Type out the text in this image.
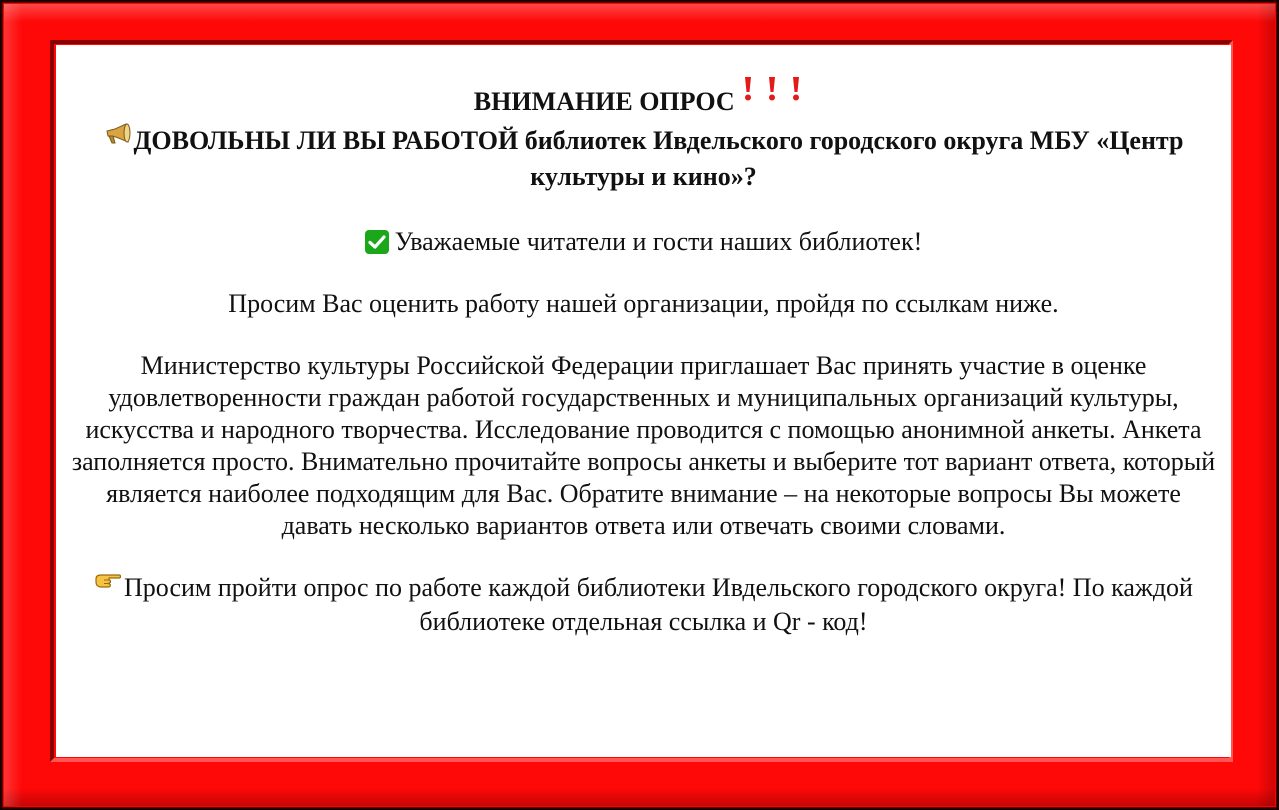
ВНИМАНИЕ ОПРОС

ДОВОЛЬНЫ ЛИ ВЫ РАБОТОЙ библиотек Ивдельского городского округа МБУ «Центр культуры и кино»?

Уважаемые читатели и гости наших библиотек!

Просим Вас оценить работу нашей организации, пройдя по ссылкам ниже.

Министерство культуры Российской Федерации приглашает Вас принять участие в оценке удовлетворенности граждан работой государственных и муниципальных организаций культуры, искусства и народного творчества. Исследование проводится с помощью анонимной анкеты. Анкета заполняется просто. Внимательно прочитайте вопросы анкеты и выберите тот вариант ответа, который является наиболее подходящим для Вас. Обратите внимание – на некоторые вопросы Вы можете давать несколько вариантов ответа или отвечать своими словами.

Просим пройти опрос по работе каждой библиотеки Ивдельского городского округа! По каждой библиотеке отдельная ссылка и Qr - код!
